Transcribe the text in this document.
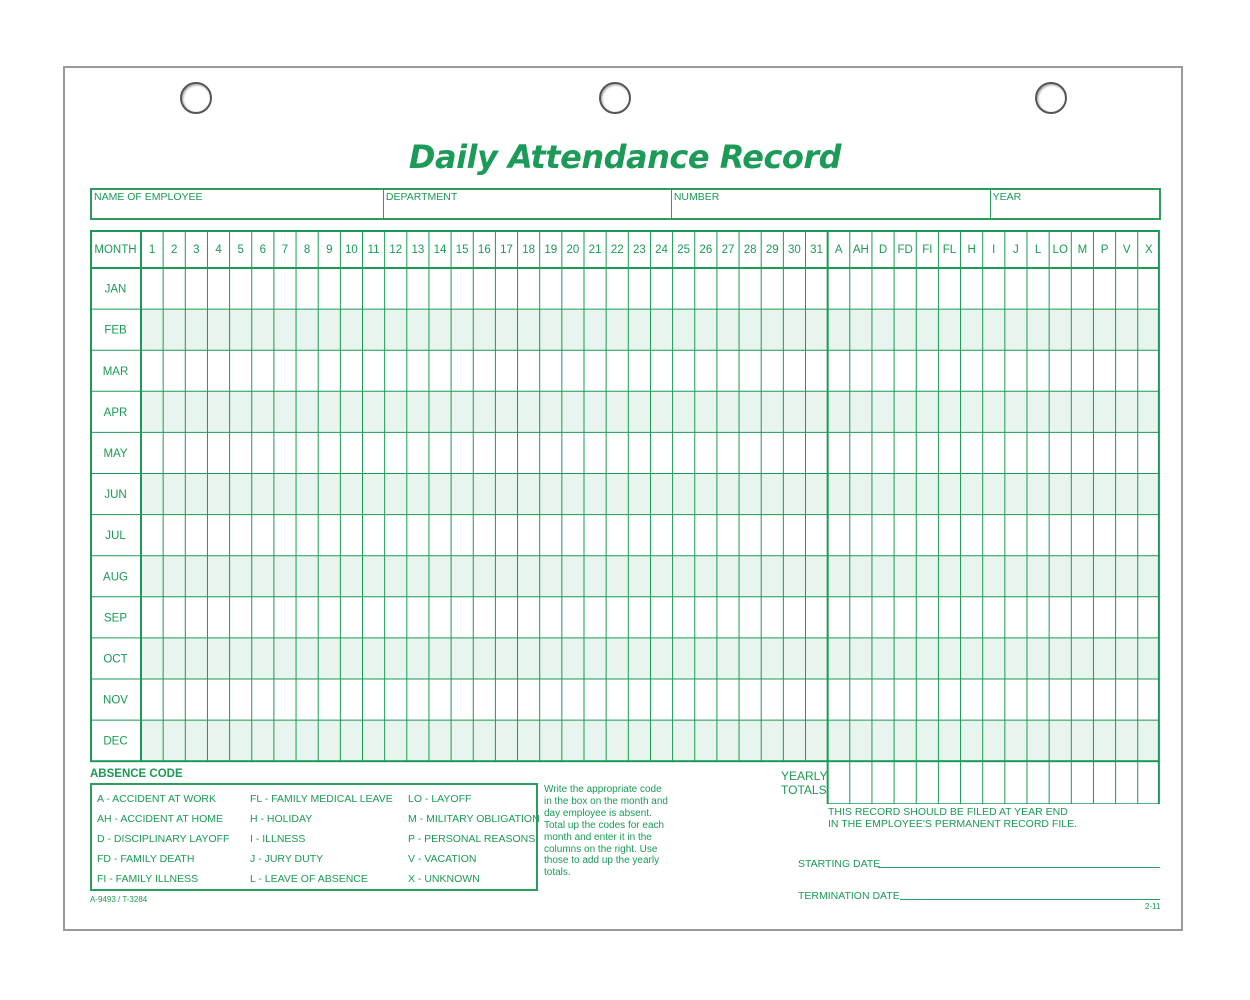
Daily Attendance Record
NAME OF EMPLOYEE	DEPARTMENT	NUMBER	YEAR
MONTH 1 2 3 4 5 6 7 8 9 10 11 12 13 14 15 16 17 18 19 20 21 22 23 24 25 26 27 28 29 30 31 A AH D FD FI FL H I J L LO M P V X
JAN
FEB
MAR
APR
MAY
JUN
JUL
AUG
SEP
OCT
NOV
DEC
ABSENCE CODE
A - ACCIDENT AT WORK
AH - ACCIDENT AT HOME
D - DISCIPLINARY LAYOFF
FD - FAMILY DEATH
FI - FAMILY ILLNESS
FL - FAMILY MEDICAL LEAVE
H - HOLIDAY
I - ILLNESS
J - JURY DUTY
L - LEAVE OF ABSENCE
LO - LAYOFF
M - MILITARY OBLIGATION
P - PERSONAL REASONS
V - VACATION
X - UNKNOWN
Write the appropriate code in the box on the month and day employee is absent. Total up the codes for each month and enter it in the columns on the right. Use those to add up the yearly totals.
YEARLY
TOTALS
THIS RECORD SHOULD BE FILED AT YEAR END
IN THE EMPLOYEE'S PERMANENT RECORD FILE.
STARTING DATE
TERMINATION DATE
A-9493 / T-3284
2-11
